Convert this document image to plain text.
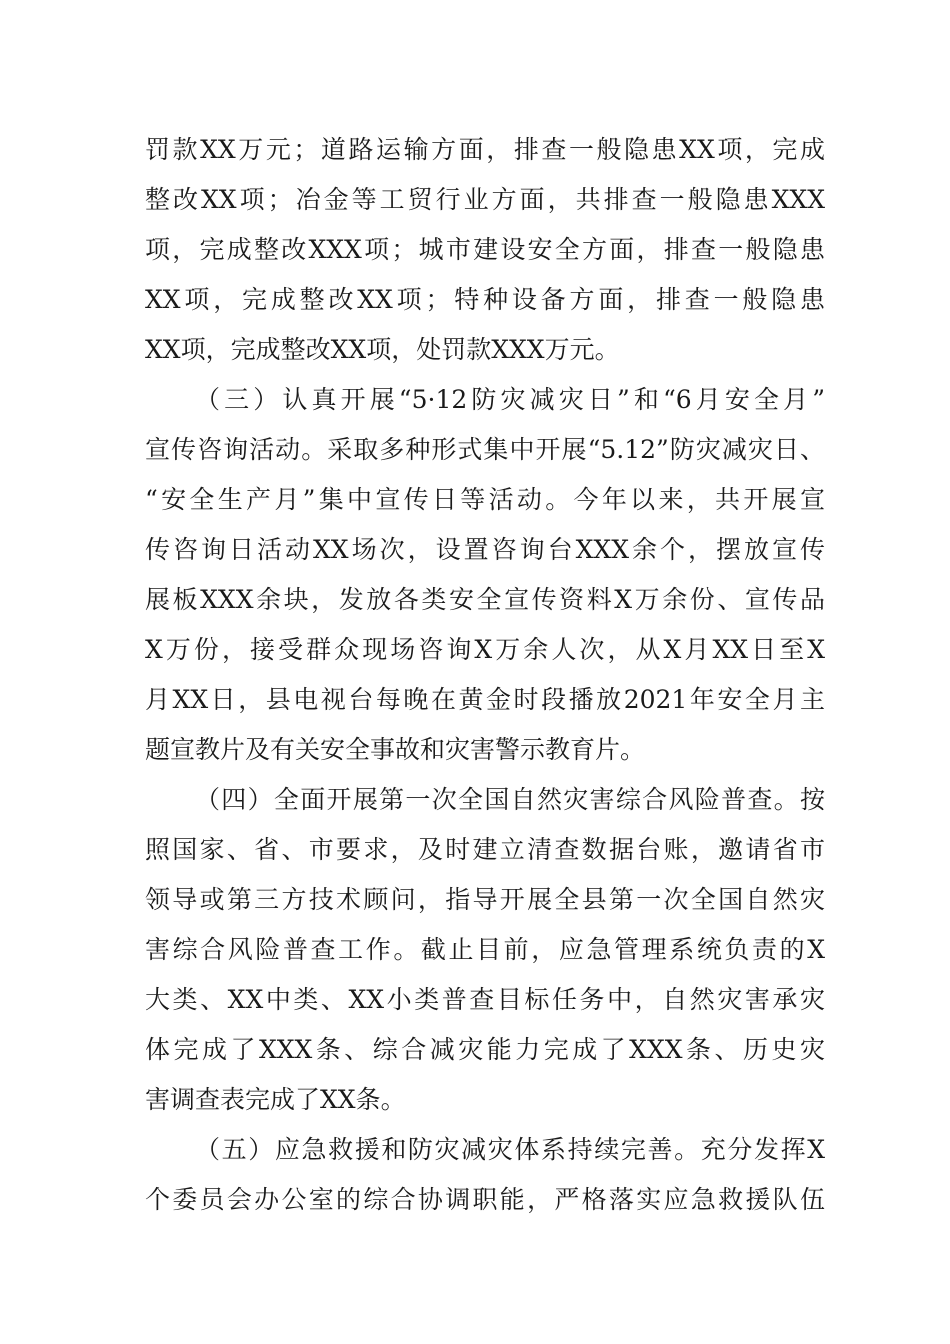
罚款XX万元；道路运输方面，排查一般隐患XX项，完成
整改XX项；冶金等工贸行业方面，共排查一般隐患XXX
项，完成整改XXX项；城市建设安全方面，排查一般隐患
XX项，完成整改XX项；特种设备方面，排查一般隐患
XX项，完成整改XX项，处罚款XXX万元。
（三）认真开展“5·12防灾减灾日”和“6月安全月”
宣传咨询活动。采取多种形式集中开展“5.12”防灾减灾日、
“安全生产月”集中宣传日等活动。今年以来，共开展宣
传咨询日活动XX场次，设置咨询台XXX余个，摆放宣传
展板XXX余块，发放各类安全宣传资料X万余份、宣传品
X万份，接受群众现场咨询X万余人次，从X月XX日至X
月XX日，县电视台每晚在黄金时段播放2021年安全月主
题宣教片及有关安全事故和灾害警示教育片。
（四）全面开展第一次全国自然灾害综合风险普查。按
照国家、省、市要求，及时建立清查数据台账，邀请省市
领导或第三方技术顾问，指导开展全县第一次全国自然灾
害综合风险普查工作。截止目前，应急管理系统负责的X
大类、XX中类、XX小类普查目标任务中，自然灾害承灾
体完成了XXX条、综合减灾能力完成了XXX条、历史灾
害调查表完成了XX条。
（五）应急救援和防灾减灾体系持续完善。充分发挥X
个委员会办公室的综合协调职能，严格落实应急救援队伍
